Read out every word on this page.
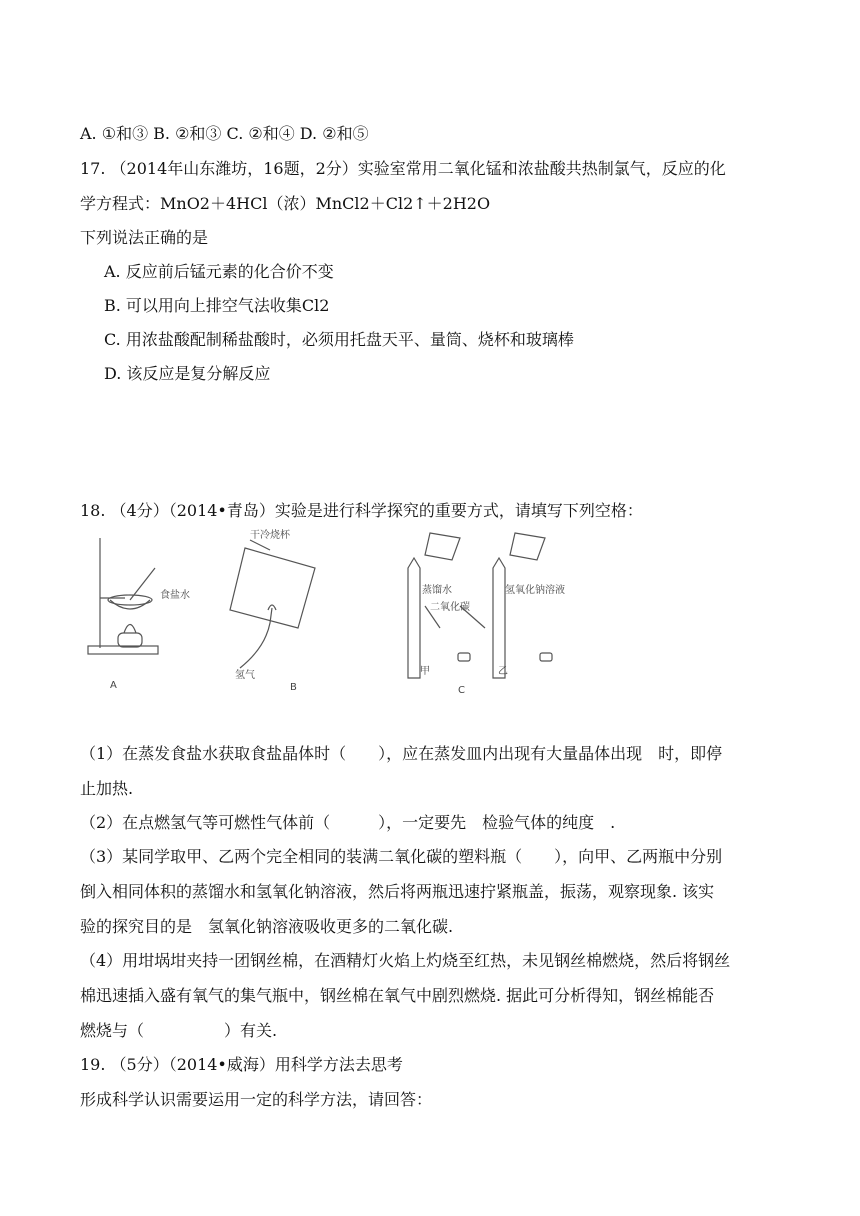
A. ①和③ B. ②和③ C. ②和④ D. ②和⑤
17. （2014年山东潍坊，16题，2分）实验室常用二氧化锰和浓盐酸共热制氯气，反应的化
学方程式：MnO2＋4HCl（浓）MnCl2＋Cl2↑＋2H2O
下列说法正确的是
A. 反应前后锰元素的化合价不变
B. 可以用向上排空气法收集Cl2
C. 用浓盐酸配制稀盐酸时，必须用托盘天平、量筒、烧杯和玻璃棒
D. 该反应是复分解反应
18. （4分）（2014•青岛）实验是进行科学探究的重要方式，请填写下列空格：
食盐水
A
干冷烧杯
氢气
B
蒸馏水	氢氧化钠溶液
二氧化碳
甲	乙
C
（1）在蒸发食盐水获取食盐晶体时（　　），应在蒸发皿内出现有大量晶体出现　时，即停
止加热.
（2）在点燃氢气等可燃性气体前（　　　），一定要先　检验气体的纯度　.
（3）某同学取甲、乙两个完全相同的装满二氧化碳的塑料瓶（　　），向甲、乙两瓶中分别
倒入相同体积的蒸馏水和氢氧化钠溶液，然后将两瓶迅速拧紧瓶盖，振荡，观察现象. 该实
验的探究目的是　氢氧化钠溶液吸收更多的二氧化碳.
（4）用坩埚坩夹持一团钢丝棉，在酒精灯火焰上灼烧至红热，未见钢丝棉燃烧，然后将钢丝
棉迅速插入盛有氧气的集气瓶中，钢丝棉在氧气中剧烈燃烧. 据此可分析得知，钢丝棉能否
燃烧与（　　　　　）有关.
19. （5分）（2014•威海）用科学方法去思考
形成科学认识需要运用一定的科学方法，请回答：
